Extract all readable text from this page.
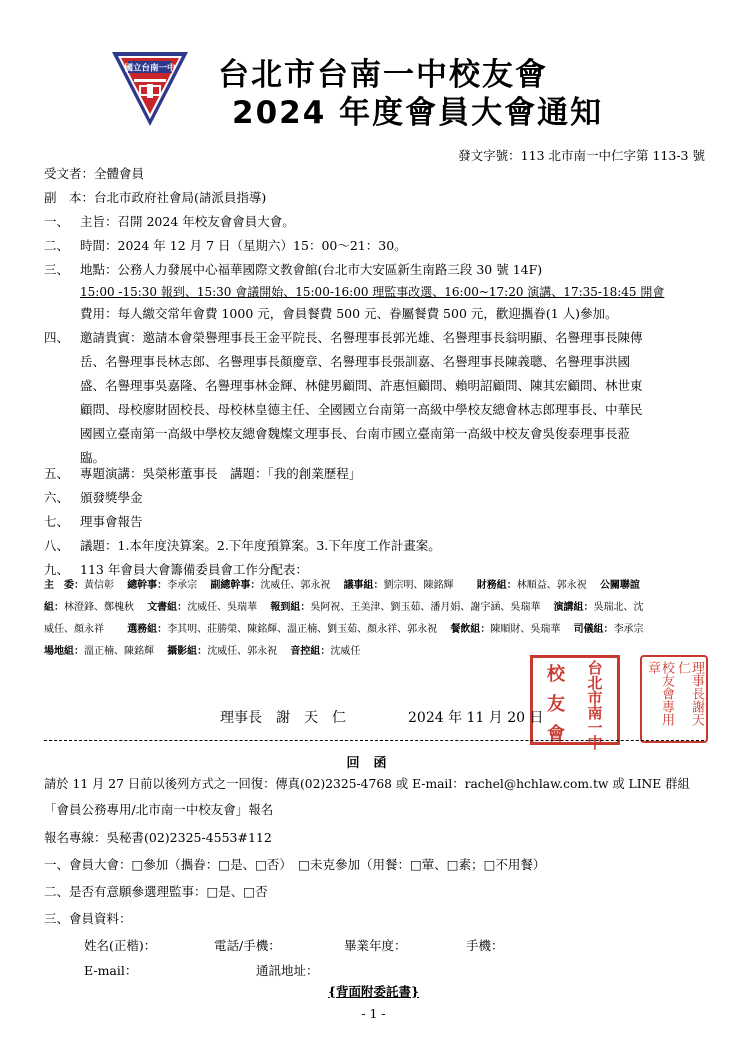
國立台南一中 台北市台南一中校友會
2024 年度會員大會通知
發文字號：113 北市南一中仁字第 113-3 號
受文者：全體會員
副　本：台北市政府社會局(請派員指導)
一、 主旨：召開 2024 年校友會會員大會。
二、 時間：2024 年 12 月 7 日（星期六）15：00～21：30。
三、 地點：公務人力發展中心福華國際文教會館(台北市大安區新生南路三段 30 號 14F)
15:00 -15:30 報到、15:30 會議開始、15:00-16:00 理監事改選、16:00~17:20 演講、17:35-18:45 開會
費用：每人繳交常年會費 1000 元，會員餐費 500 元、眷屬餐費 500 元，歡迎攜眷(1 人)參加。
四、 邀請貴賓：邀請本會榮譽理事長王金平院長、名譽理事長郭光雄、名譽理事長翁明顯、名譽理事長陳傳
岳、名譽理事長林志郎、名譽理事長顏慶章、名譽理事長張訓嘉、名譽理事長陳義聰、名譽理事洪國
盛、名譽理事吳嘉隆、名譽理事林金輝、林健男顧問、許惠恒顧問、賴明詔顧問、陳其宏顧問、林世東
顧問、母校廖財固校長、母校林皇德主任、全國國立台南第一高級中學校友總會林志郎理事長、中華民
國國立臺南第一高級中學校友總會魏燦文理事長、台南市國立臺南第一高級中校友會吳俊泰理事長蒞
臨。
五、 專題演講：吳榮彬董事長　講題：「我的創業歷程」
六、 頒發獎學金
七、 理事會報告
八、 議題：1.本年度決算案。2.下年度預算案。3.下年度工作計畫案。
九、 113 年會員大會籌備委員會工作分配表：
主　委：黃信彰　 總幹事：李承宗　 副總幹事：沈威任、郭永祝　 議事組：劉宗明、陳銘輝　　 財務組：林順益、郭永祝　 公關聯誼
組：林澄鋒、鄭槐秋　 文書組：沈威任、吳瑞華　 報到組：吳阿祝、王美津、劉玉茹、潘月娟、謝宇涵、吳瑞華　 演講組：吳瑞北、沈
威任、顏永祥　　 選務組：李其明、莊勝榮、陳銘輝、溫正楠、劉玉茹、顏永祥、郭永祝　 餐飲組：陳順財、吳瑞華　 司儀組：李承宗
場地組：溫正楠、陳銘輝　 攝影組：沈威任、郭永祝　 音控組：沈威任
校
友
會
台北市
南一中
理事長謝天仁
校友會專用章
理事長　謝　天　仁	2024 年 11 月 20 日
回函
請於 11 月 27 日前以後列方式之一回復：傳真(02)2325-4768 或 E-mail：rachel@hchlaw.com.tw 或 LINE 群組
「會員公務專用/北市南一中校友會」報名
報名專線：吳秘書(02)2325-4553#112
一、會員大會：□參加（攜眷：□是、□否）　□未克參加（用餐：□葷、□素；□不用餐）
二、是否有意願參選理監事：□是、□否
三、會員資料：
姓名(正楷)：	電話/手機：	畢業年度：	手機：
E-mail：	通訊地址：
{背面附委託書}
- 1 -
